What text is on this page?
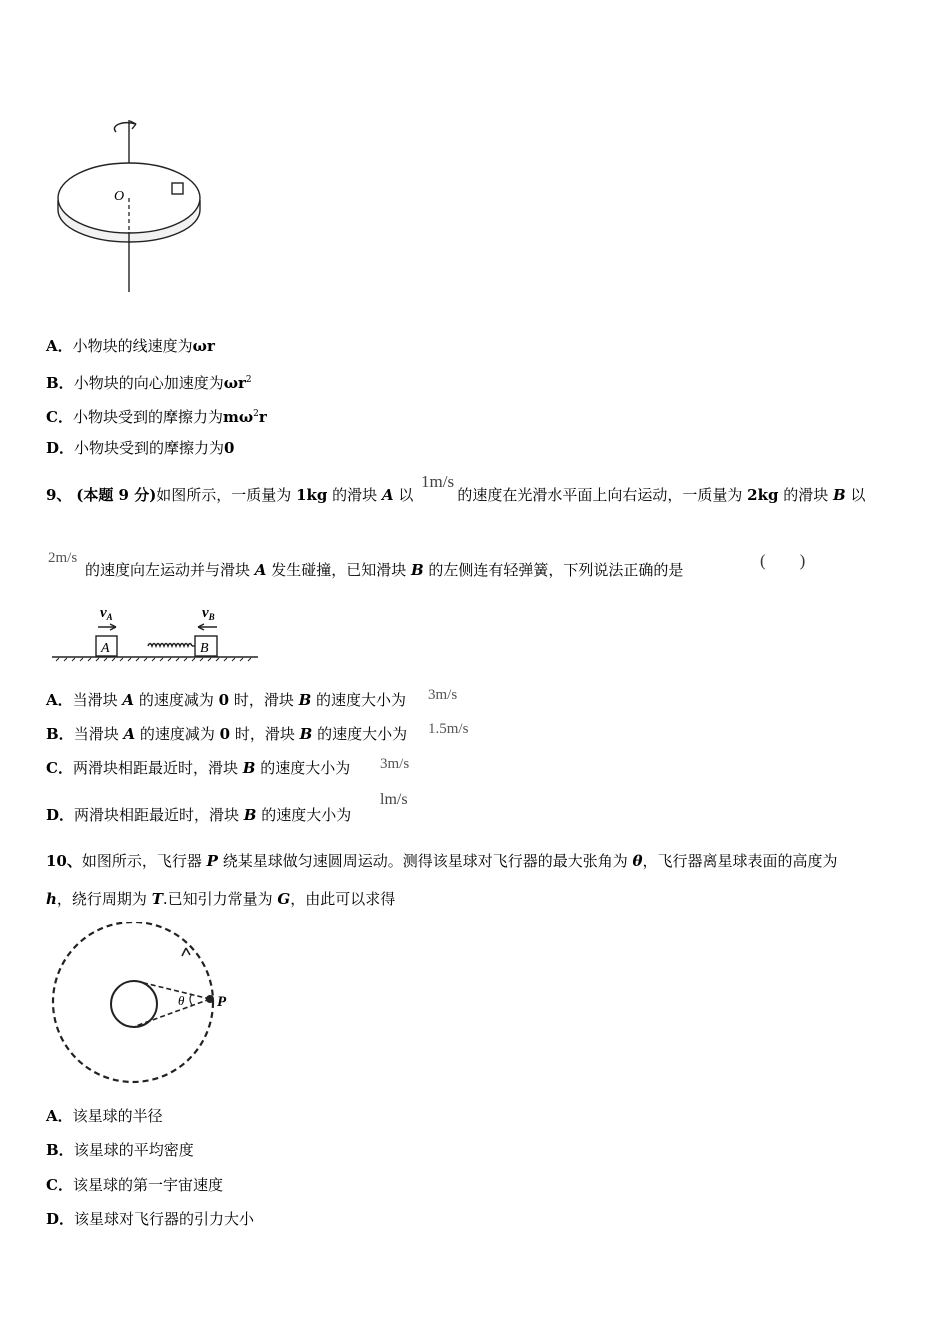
O
A．小物块的线速度为ωr
B．小物块的向心加速度为$\omega r^2$
C．小物块受到的摩擦力为$m\omega^2r$
D．小物块受到的摩擦力为0
9、 (本题 9 分)如图所示，一质量为 1kg 的滑块 A 以	的速度在光滑水平面上向右运动，一质量为 2kg 的滑块 B 以
1m/s
2m/s
的速度向左运动并与滑块 A 发生碰撞，已知滑块 B 的左侧连有轻弹簧，下列说法正确的是	(　　)
$v_A$	$v_B$
A	B
A．当滑块 A 的速度减为 0 时，滑块 B 的速度大小为 3m/s
B．当滑块 A 的速度减为 0 时，滑块 B 的速度大小为 1.5m/s
C．两滑块相距最近时，滑块 B 的速度大小为 3m/s
D．两滑块相距最近时，滑块 B 的速度大小为
lm/s
10、如图所示，飞行器 P 绕某星球做匀速圆周运动。测得该星球对飞行器的最大张角为 θ，飞行器离星球表面的高度为
h，绕行周期为 T.已知引力常量为 G，由此可以求得
θ P
A．该星球的半径
B．该星球的平均密度
C．该星球的第一宇宙速度
D．该星球对飞行器的引力大小
